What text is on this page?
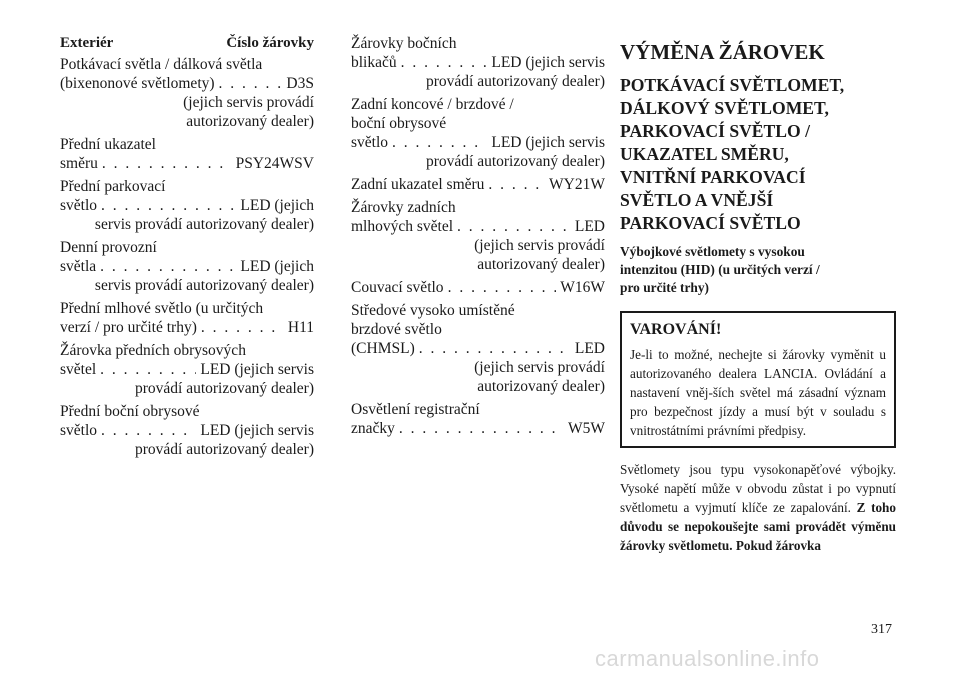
Exteriér	Číslo žárovky
Potkávací světla / dálková světla
(bixenonové světlomety) . . .	D3S
(jejich servis provádí
autorizovaný dealer)
Přední ukazatel
směru . . .	PSY24WSV
Přední parkovací
světlo . . .	LED (jejich
servis provádí autorizovaný dealer)
Denní provozní
světla . . .	LED (jejich
servis provádí autorizovaný dealer)
Přední mlhové světlo (u určitých
verzí / pro určité trhy) . . .	H11
Žárovka předních obrysových
světel . . .	LED (jejich servis
provádí autorizovaný dealer)
Přední boční obrysové
světlo . . .	LED (jejich servis
provádí autorizovaný dealer)
Žárovky bočních
blikačů . . .	LED (jejich servis
provádí autorizovaný dealer)
Zadní koncové / brzdové /
boční obrysové
světlo . . .	LED (jejich servis
provádí autorizovaný dealer)
Zadní ukazatel směru . . .	WY21W
Žárovky zadních
mlhových světel . . .	LED
(jejich servis provádí
autorizovaný dealer)
Couvací světlo . . .	W16W
Středové vysoko umístěné
brzdové světlo
(CHMSL) . . .	LED
(jejich servis provádí
autorizovaný dealer)
Osvětlení registrační
značky . . .	W5W
VÝMĚNA ŽÁROVEK
POTKÁVACÍ SVĚTLOMET,
DÁLKOVÝ SVĚTLOMET,
PARKOVACÍ SVĚTLO /
UKAZATEL SMĚRU,
VNITŘNÍ PARKOVACÍ
SVĚTLO A VNĚJŠÍ
PARKOVACÍ SVĚTLO
Výbojkové světlomety s vysokou
intenzitou (HID) (u určitých verzí /
pro určité trhy)
VAROVÁNÍ!
Je-li to možné, nechejte si žárovky vyměnit u autorizovaného dealera LANCIA. Ovládání a nastavení vněj-ších světel má zásadní význam pro bezpečnost jízdy a musí být v souladu s vnitrostátními právními předpisy.
Světlomety jsou typu vysokonapěťové výbojky. Vysoké napětí může v obvodu zůstat i po vypnutí světlometu a vyjmutí klíče ze zapalování. Z toho důvodu se nepokoušejte sami provádět výměnu žárovky světlometu. Pokud žárovka
317
carmanualsonline.info
